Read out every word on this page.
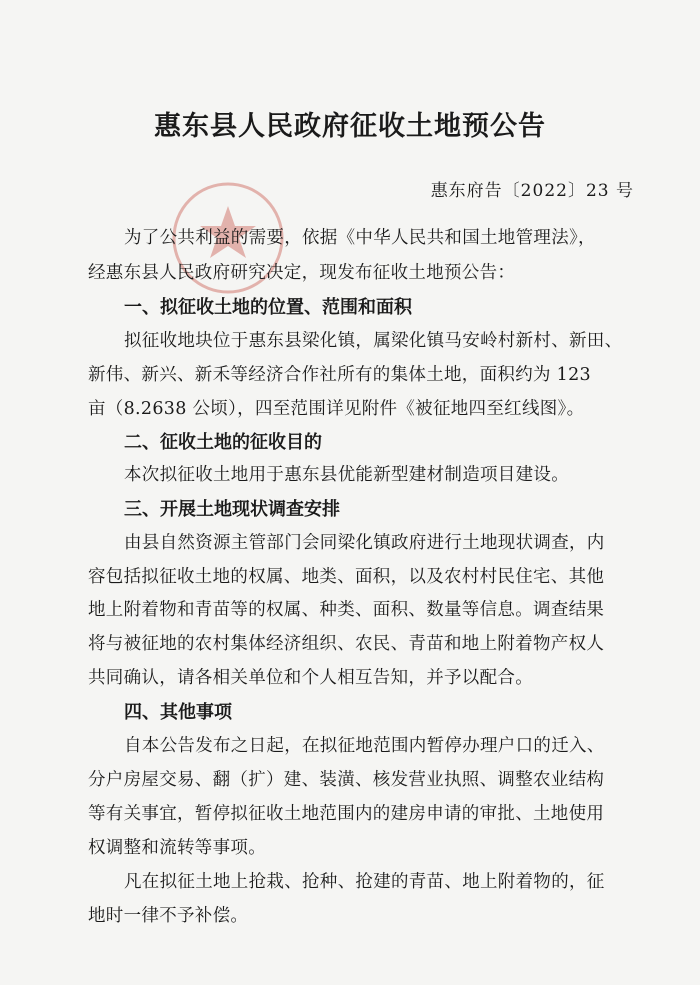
惠东县人民政府征收土地预公告
惠东府告〔2022〕23 号
为了公共利益的需要，依据《中华人民共和国土地管理法》，
经惠东县人民政府研究决定，现发布征收土地预公告：
一、拟征收土地的位置、范围和面积
拟征收地块位于惠东县梁化镇，属梁化镇马安岭村新村、新田、
新伟、新兴、新禾等经济合作社所有的集体土地，面积约为 123
亩（8.2638 公顷），四至范围详见附件《被征地四至红线图》。
二、征收土地的征收目的
本次拟征收土地用于惠东县优能新型建材制造项目建设。
三、开展土地现状调查安排
由县自然资源主管部门会同梁化镇政府进行土地现状调查，内
容包括拟征收土地的权属、地类、面积，以及农村村民住宅、其他
地上附着物和青苗等的权属、种类、面积、数量等信息。调查结果
将与被征地的农村集体经济组织、农民、青苗和地上附着物产权人
共同确认，请各相关单位和个人相互告知，并予以配合。
四、其他事项
自本公告发布之日起，在拟征地范围内暂停办理户口的迁入、
分户房屋交易、翻（扩）建、装潢、核发营业执照、调整农业结构
等有关事宜，暂停拟征收土地范围内的建房申请的审批、土地使用
权调整和流转等事项。
凡在拟征土地上抢栽、抢种、抢建的青苗、地上附着物的，征
地时一律不予补偿。
